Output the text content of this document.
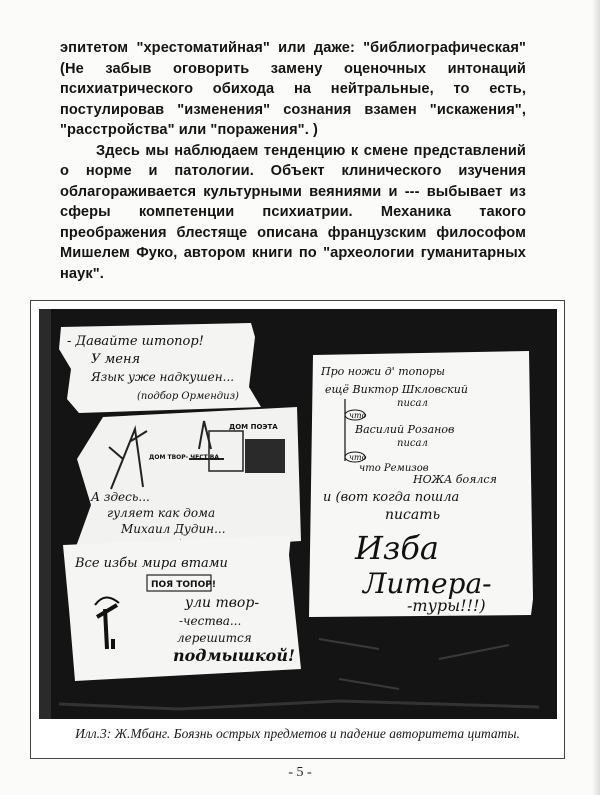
эпитетом "хрестоматийная" или даже: "библиографическая" (Не забыв оговорить замену оценочных интонаций психиатрического обихода на нейтральные, то есть, постулировав "изменения" сознания взамен "искажения", "расстройства" или "поражения". )

Здесь мы наблюдаем тенденцию к смене представлений о норме и патологии. Объект клинического изучения облагораживается культурными веяниями и --- выбывает из сферы компетенции психиатрии. Механика такого преображения блестяще описана французским философом Мишелем Фуко, автором книги по "археологии гуманитарных наук".

- Давайте штопор!
У меня
Язык уже надкушен...
(подбор Ормендиз)
ДОМ ПОЭТА
ДОМ ТВОР- ЧЕСТ ВА
А здесь...
гуляет как дома
Михаил Дудин...
Все избы мира втами
ПОЯ ТОПОР!
ули твор-
-чества...
лерешится
подмышкой!
Про ножи д' топоры
ещё Виктор Шкловский
писал
что
Василий Розанов
писал
что
что Ремизов
НОЖА боялся
и (вот когда пошла
писать
Изба
Литера-
-туры!!!)
Илл.3: Ж.Мбанг. Боязнь острых предметов и падение авторитета цитаты.
- 5 -
